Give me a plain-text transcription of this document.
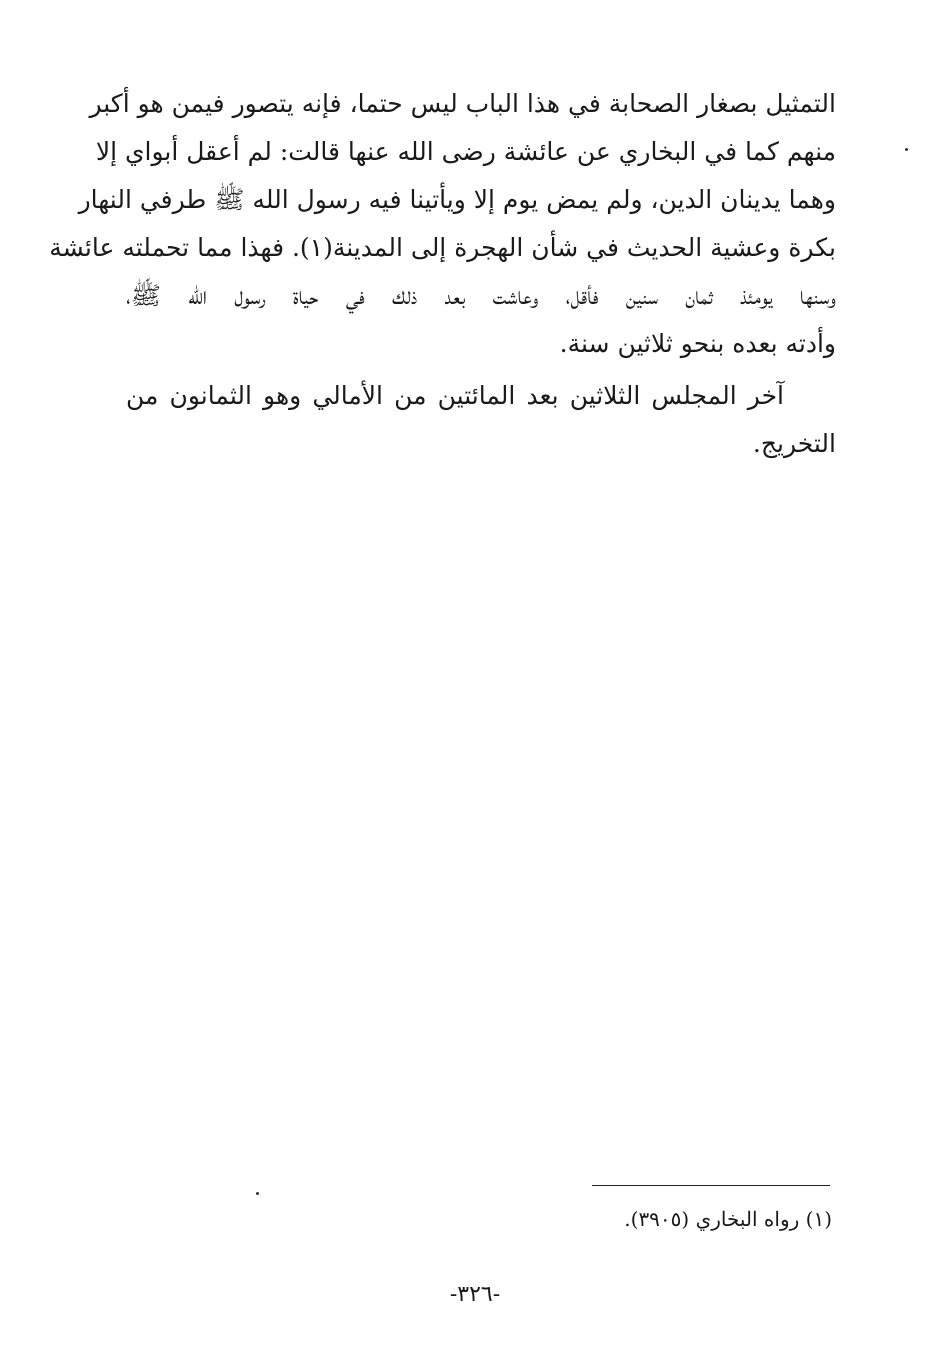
التمثيل بصغار الصحابة في هذا الباب ليس حتما، فإنه يتصور فيمن هو أكبر
منهم كما في البخاري عن عائشة رضى الله عنها قالت: لم أعقل أبواي إلا
وهما يدينان الدين، ولم يمض يوم إلا ويأتينا فيه رسول الله ﷺ طرفي النهار
بكرة وعشية الحديث في شأن الهجرة إلى المدينة(١). فهذا مما تحملته عائشة
وسنها يومئذ ثمان سنين فأقل، وعاشت بعد ذلك في حياة رسول الله ﷺ،
وأدته بعده بنحو ثلاثين سنة.
آخر المجلس الثلاثين بعد المائتين من الأمالي وهو الثمانون من
التخريج.
(١) رواه البخاري (٣٩٠٥).
-٣٢٦-
